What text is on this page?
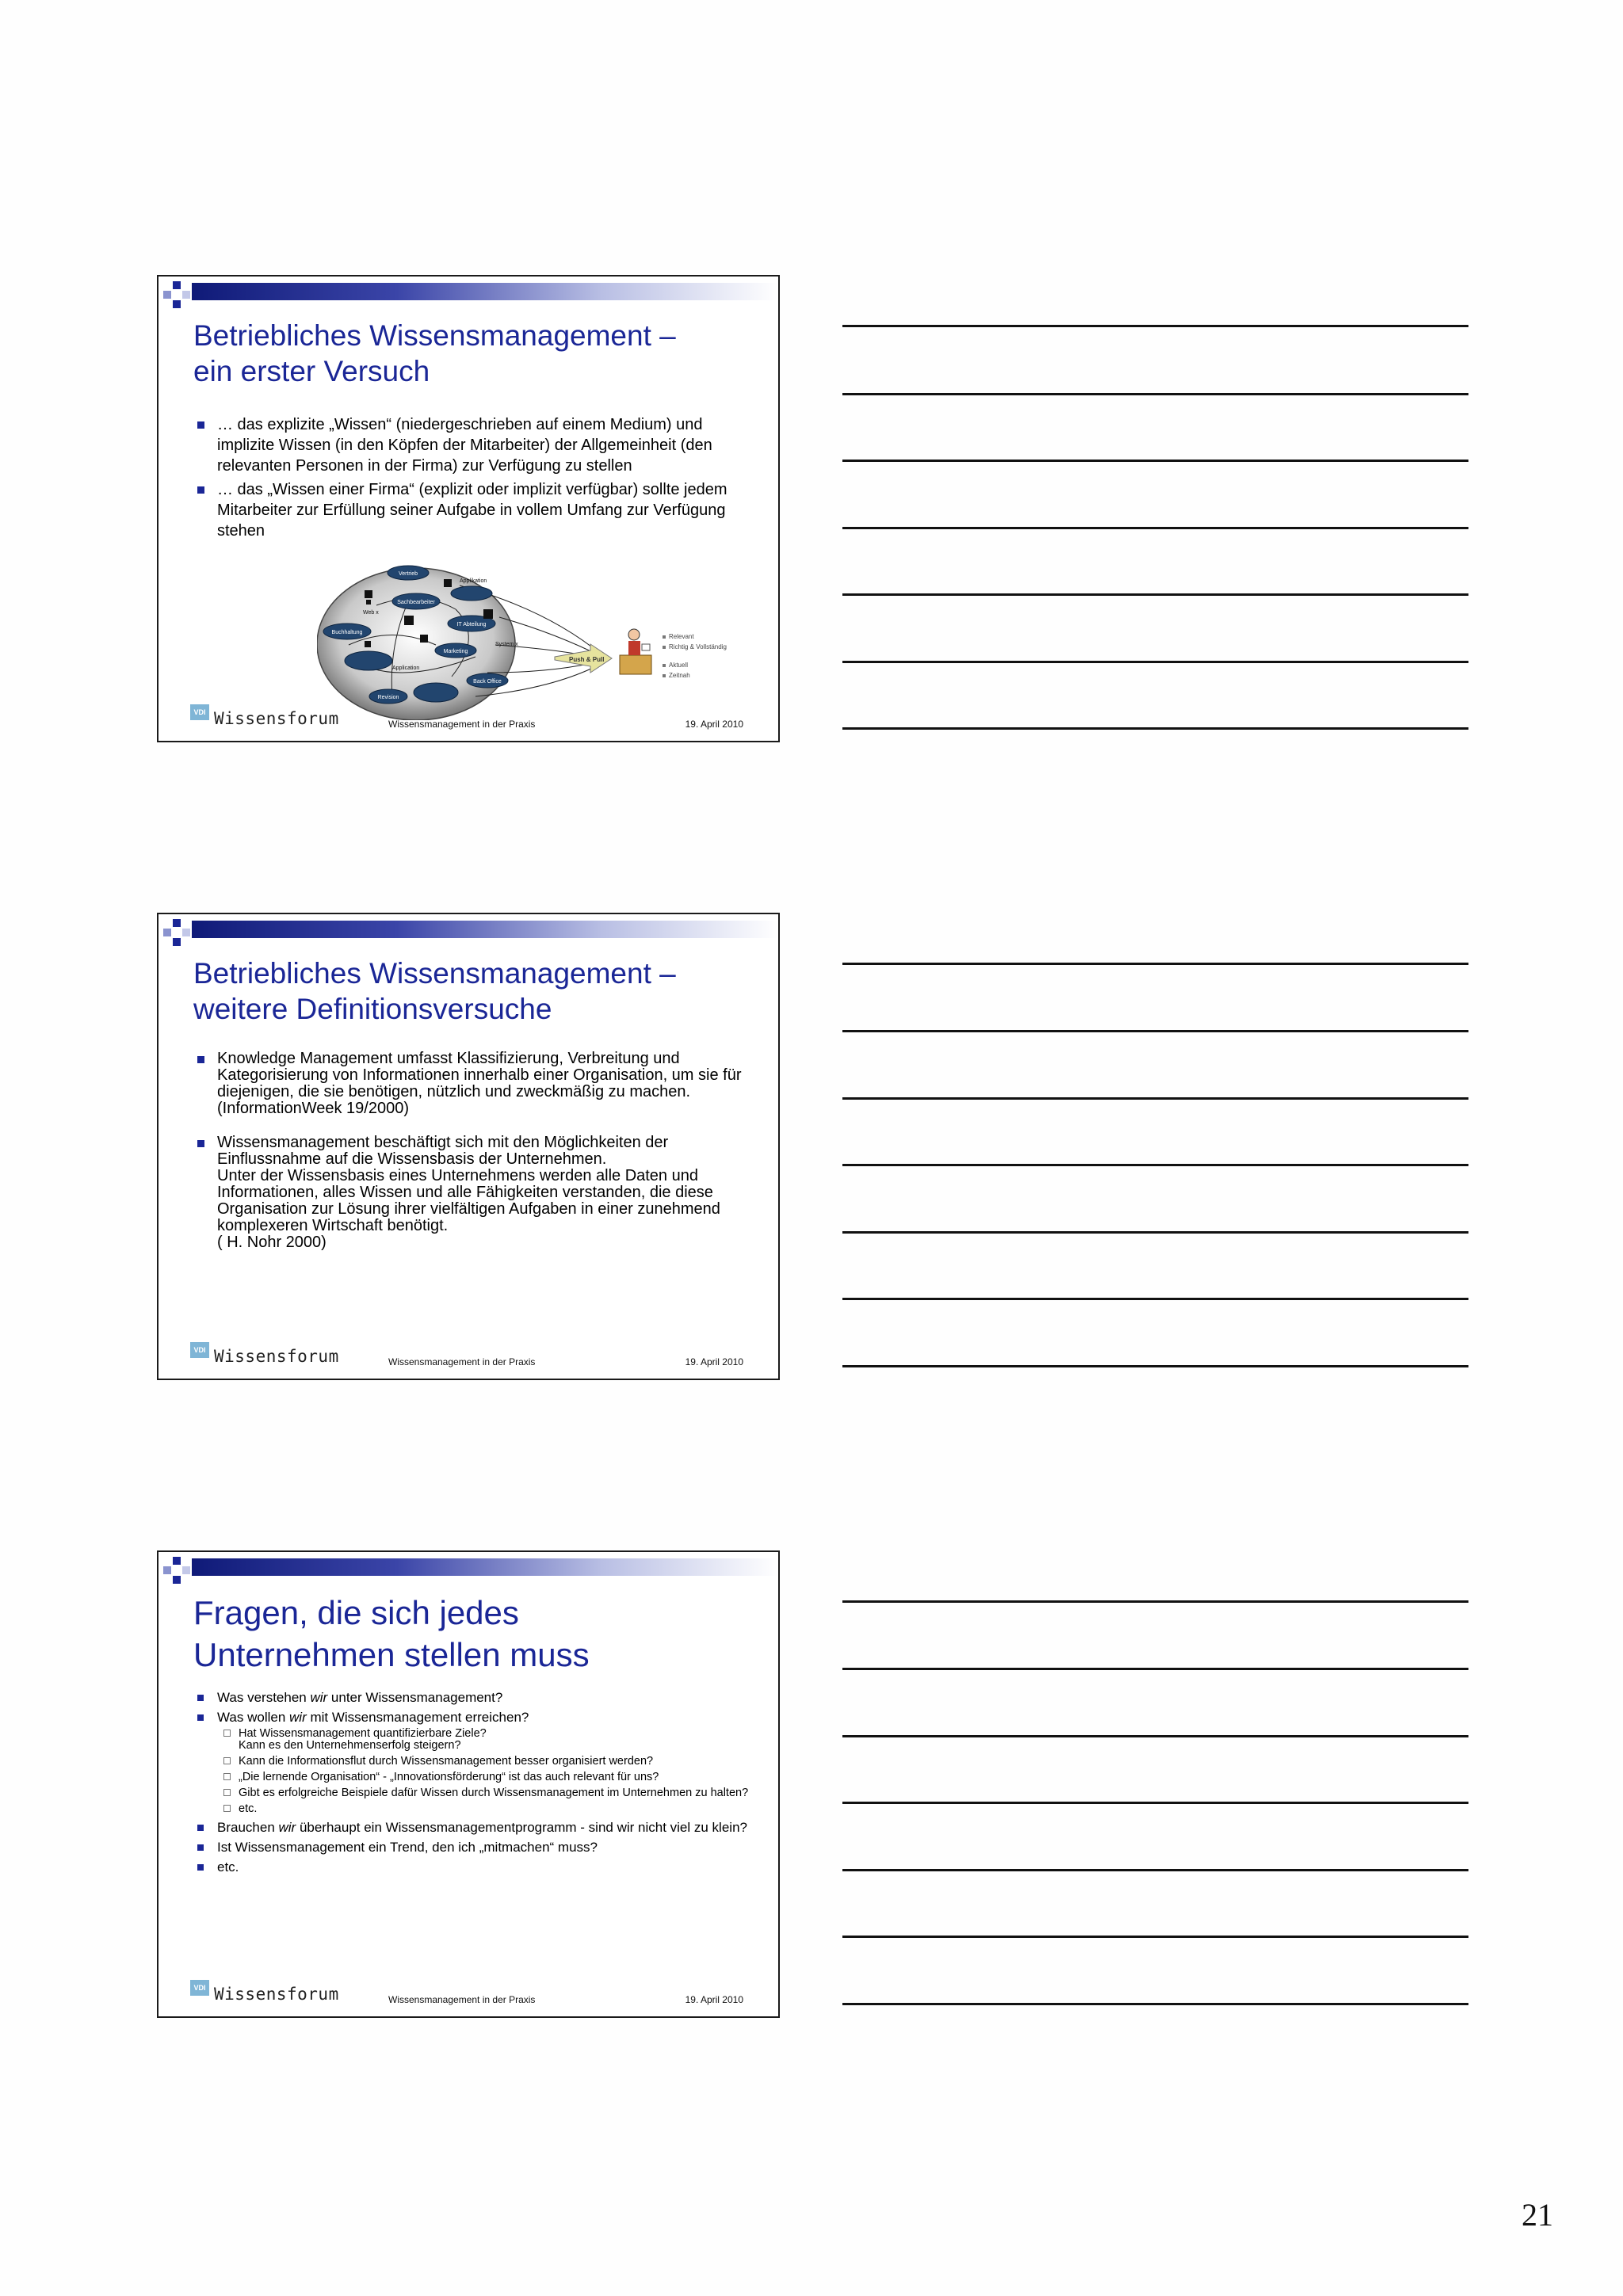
Betriebliches Wissensmanagement –
ein erster Versuch
… das explizite „Wissen“ (niedergeschrieben auf einem Medium) und implizite Wissen (in den Köpfen der Mitarbeiter) der Allgemeinheit (den relevanten Personen in der Firma) zur Verfügung zu stellen
… das „Wissen einer Firma“ (explizit oder implizit verfügbar) sollte jedem Mitarbeiter zur Erfüllung seiner Aufgabe in vollem Umfang zur Verfügung stehen
Vertrieb
Sachbearbeiter
Buchhaltung
IT Abteilung
Marketing
Revision
Back Office
Web x
Applikation
Application
System x
Push & Pull
Relevant
Richtig & Vollständig
Aktuell
Zeitnah
VDI Wissensforum	Wissensmanagement in der Praxis	19. April 2010
Betriebliches Wissensmanagement –
weitere Definitionsversuche
Knowledge Management umfasst Klassifizierung, Verbreitung und Kategorisierung von Informationen innerhalb einer Organisation, um sie für diejenigen, die sie benötigen, nützlich und zweckmäßig zu machen.
(InformationWeek 19/2000)
Wissensmanagement beschäftigt sich mit den Möglichkeiten der Einflussnahme auf die Wissensbasis der Unternehmen.
Unter der Wissensbasis eines Unternehmens werden alle Daten und Informationen, alles Wissen und alle Fähigkeiten verstanden, die diese Organisation zur Lösung ihrer vielfältigen Aufgaben in einer zunehmend komplexeren Wirtschaft benötigt.
( H. Nohr 2000)
VDI Wissensforum	Wissensmanagement in der Praxis	19. April 2010
Fragen, die sich jedes
Unternehmen stellen muss
Was verstehen wir unter Wissensmanagement?
Was wollen wir mit Wissensmanagement erreichen?
Hat Wissensmanagement quantifizierbare Ziele?
Kann es den Unternehmenserfolg steigern?
Kann die Informationsflut durch Wissensmanagement besser organisiert werden?
„Die lernende Organisation“ - „Innovationsförderung“ ist das auch relevant für uns?
Gibt es erfolgreiche Beispiele dafür Wissen durch Wissensmanagement im Unternehmen zu halten?
etc.
Brauchen wir überhaupt ein Wissensmanagementprogramm - sind wir nicht viel zu klein?
Ist Wissensmanagement ein Trend, den ich „mitmachen“ muss?
etc.
VDI Wissensforum	Wissensmanagement in der Praxis	19. April 2010
21
